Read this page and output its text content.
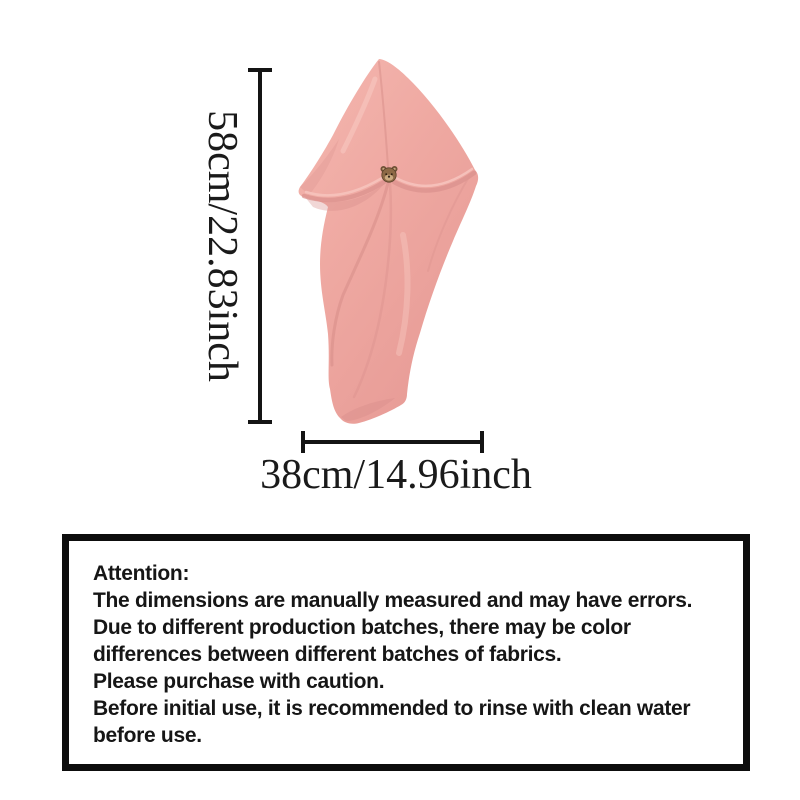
58cm/22.83inch
38cm/14.96inch
Attention:
The dimensions are manually measured and may have errors.
Due to different production batches, there may be color
differences between different batches of fabrics.
Please purchase with caution.
Before initial use, it is recommended to rinse with clean water
before use.
